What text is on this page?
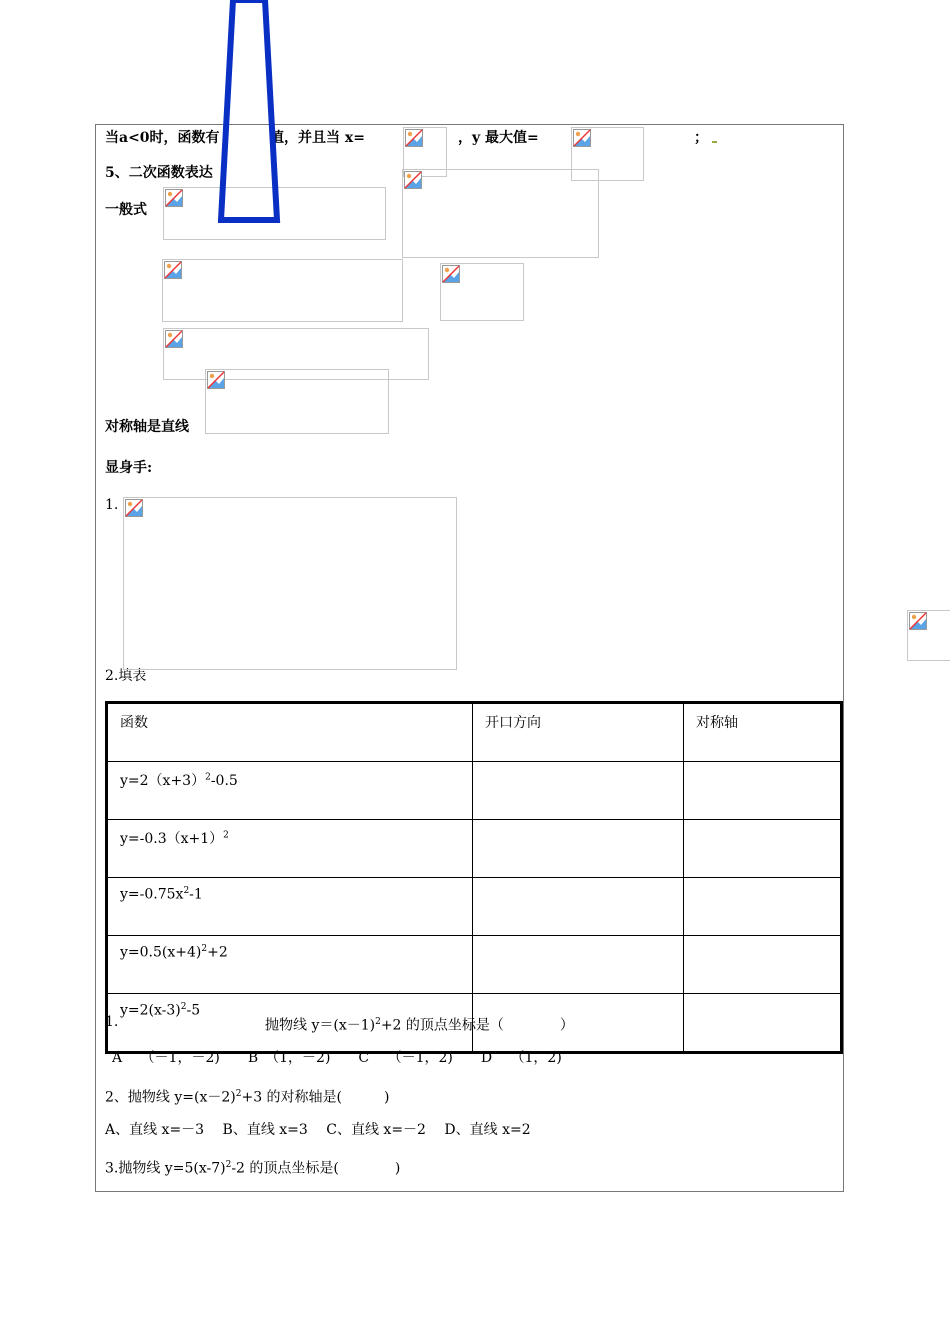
当a<0时，函数有	值，并且当 x=	，y 最大值=	；
5、二次函数表达
一般式
对称轴是直线
显身手:
1.
2.填表
函数	开口方向	对称轴
$y=2(x+3)^2-0.5$		
$y=-0.3(x+1)^2$		
$y=-0.75x^2-1$		
$y=0.5(x+4)^2+2$		
$y=2(x-3)^2-5$		
1.	抛物线 $y=(x-1)^2+2$ 的顶点坐标是（　　　　）
A　 （－1，－2)　　B　（1，－2)　　C　 （－1，2)　　D　 （1，2)
2、抛物线 $y=(x-2)^2+3$ 的对称轴是(　　　)
A、直线 x=－3　 B、直线 x=3　 C、直线 x=－2　 D、直线 x=2
3.抛物线 $y=5(x-7)^2-2$ 的顶点坐标是(　　　　)
